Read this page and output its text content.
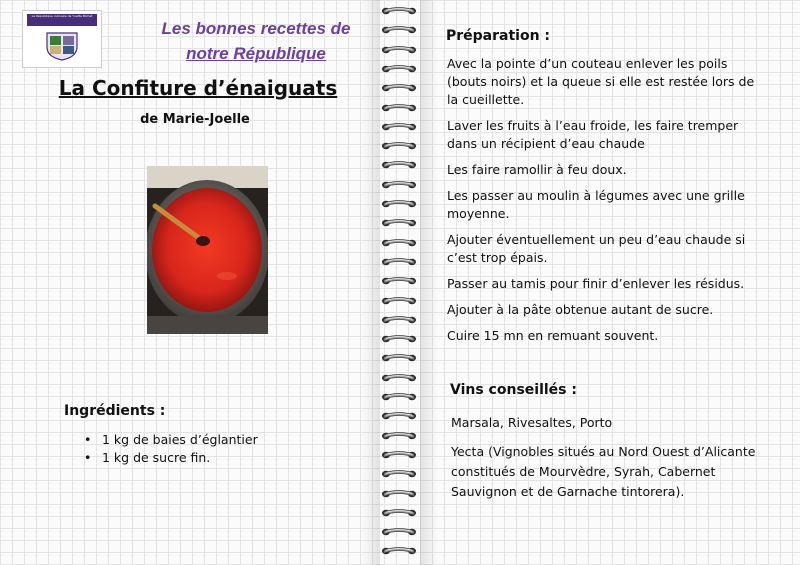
La République culinaire de Yvette Bichat
Les bonnes recettes de
notre République
La Confiture d’énaiguats
de Marie-Joelle
Ingrédients :
• 1 kg de baies d’églantier
• 1 kg de sucre fin.
Préparation :

Avec la pointe d’un couteau enlever les poils (bouts noirs) et la queue si elle est restée lors de la cueillette.

Laver les fruits à l’eau froide, les faire tremper dans un récipient d’eau chaude

Les faire ramollir à feu doux.

Les passer au moulin à légumes avec une grille moyenne.

Ajouter éventuellement un peu d’eau chaude si c’est trop épais.

Passer au tamis pour finir d’enlever les résidus.

Ajouter à la pâte obtenue autant de sucre.

Cuire 15 mn en remuant souvent.

Vins conseillés :

Marsala, Rivesaltes, Porto

Yecta (Vignobles situés au Nord Ouest d’Alicante constitués de Mourvèdre, Syrah, Cabernet Sauvignon et de Garnache tintorera).
